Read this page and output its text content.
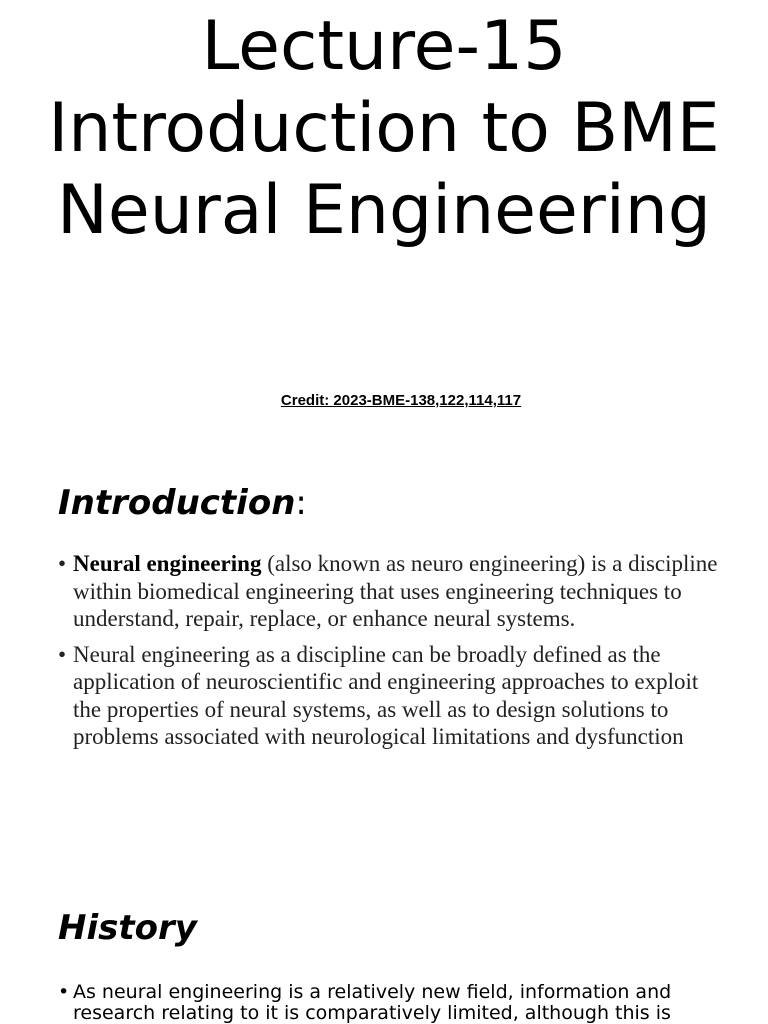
Lecture-15
Introduction to BME
Neural Engineering
Credit: 2023-BME-138,122,114,117
Introduction:
• Neural engineering (also known as neuro engineering) is a discipline within biomedical engineering that uses engineering techniques to understand, repair, replace, or enhance neural systems.
• Neural engineering as a discipline can be broadly defined as the application of neuroscientific and engineering approaches to exploit the properties of neural systems, as well as to design solutions to problems associated with neurological limitations and dysfunction
History
• As neural engineering is a relatively new field, information and research relating to it is comparatively limited, although this is
